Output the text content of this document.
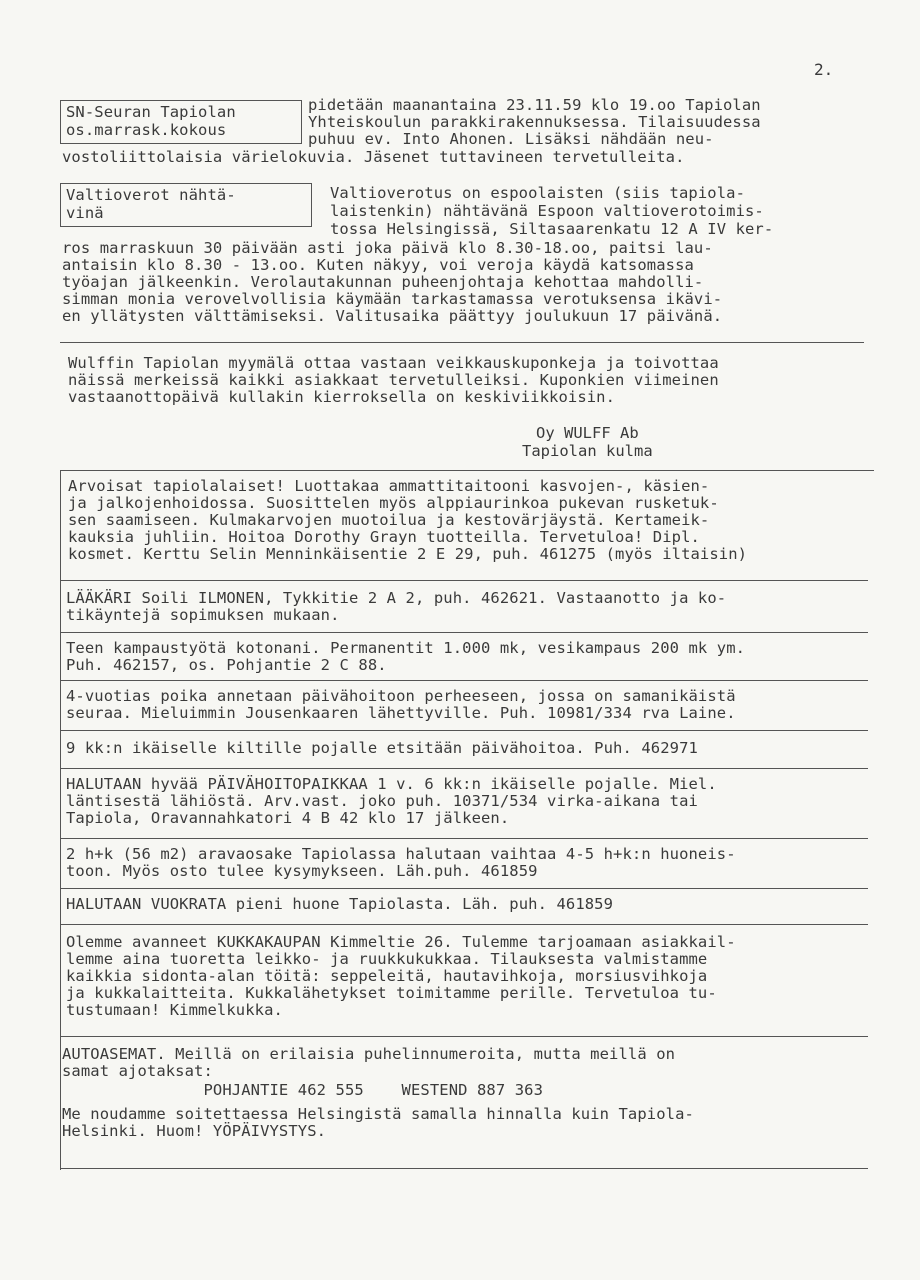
2.
SN-Seuran Tapiolan
os.marrask.kokous
pidetään maanantaina 23.11.59 klo 19.oo Tapiolan
Yhteiskoulun parakkirakennuksessa. Tilaisuudessa
puhuu ev. Into Ahonen. Lisäksi nähdään neu-
vostoliittolaisia värielokuvia. Jäsenet tuttavineen tervetulleita.
Valtioverot nähtä-
vinä
Valtioverotus on espoolaisten (siis tapiola-
laistenkin) nähtävänä Espoon valtioverotoimis-
tossa Helsingissä, Siltasaarenkatu 12 A IV ker-
ros marraskuun 30 päivään asti joka päivä klo 8.30-18.oo, paitsi lau-
antaisin klo 8.30 - 13.oo. Kuten näkyy, voi veroja käydä katsomassa
työajan jälkeenkin. Verolautakunnan puheenjohtaja kehottaa mahdolli-
simman monia verovelvollisia käymään tarkastamassa verotuksensa ikävi-
en yllätysten välttämiseksi. Valitusaika päättyy joulukuun 17 päivänä.
Wulffin Tapiolan myymälä ottaa vastaan veikkauskuponkeja ja toivottaa
näissä merkeissä kaikki asiakkaat tervetulleiksi. Kuponkien viimeinen
vastaanottopäivä kullakin kierroksella on keskiviikkoisin.
Oy WULFF Ab
Tapiolan kulma
Arvoisat tapiolalaiset! Luottakaa ammattitaitooni kasvojen-, käsien-
ja jalkojenhoidossa. Suosittelen myös alppiaurinkoa pukevan rusketuk-
sen saamiseen. Kulmakarvojen muotoilua ja kestovärjäystä. Kertameik-
kauksia juhliin. Hoitoa Dorothy Grayn tuotteilla. Tervetuloa! Dipl.
kosmet. Kerttu Selin Menninkäisentie 2 E 29, puh. 461275 (myös iltaisin)
LÄÄKÄRI Soili ILMONEN, Tykkitie 2 A 2, puh. 462621. Vastaanotto ja ko-
tikäyntejä sopimuksen mukaan.
Teen kampaustyötä kotonani. Permanentit 1.000 mk, vesikampaus 200 mk ym.
Puh. 462157, os. Pohjantie 2 C 88.
4-vuotias poika annetaan päivähoitoon perheeseen, jossa on samanikäistä
seuraa. Mieluimmin Jousenkaaren lähettyville. Puh. 10981/334 rva Laine.
9 kk:n ikäiselle kiltille pojalle etsitään päivähoitoa. Puh. 462971
HALUTAAN hyvää PÄIVÄHOITOPAIKKAA 1 v. 6 kk:n ikäiselle pojalle. Miel.
läntisestä lähiöstä. Arv.vast. joko puh. 10371/534 virka-aikana tai
Tapiola, Oravannahkatori 4 B 42 klo 17 jälkeen.
2 h+k (56 m2) aravaosake Tapiolassa halutaan vaihtaa 4-5 h+k:n huoneis-
toon. Myös osto tulee kysymykseen. Läh.puh. 461859
HALUTAAN VUOKRATA pieni huone Tapiolasta. Läh. puh. 461859
Olemme avanneet KUKKAKAUPAN Kimmeltie 26. Tulemme tarjoamaan asiakkail-
lemme aina tuoretta leikko- ja ruukkukukkaa. Tilauksesta valmistamme
kaikkia sidonta-alan töitä: seppeleitä, hautavihkoja, morsiusvihkoja
ja kukkalaitteita. Kukkalähetykset toimitamme perille. Tervetuloa tu-
tustumaan! Kimmelkukka.
AUTOASEMAT. Meillä on erilaisia puhelinnumeroita, mutta meillä on
samat ajotaksat:
POHJANTIE 462 555    WESTEND 887 363
Me noudamme soitettaessa Helsingistä samalla hinnalla kuin Tapiola-
Helsinki. Huom! YÖPÄIVYSTYS.
